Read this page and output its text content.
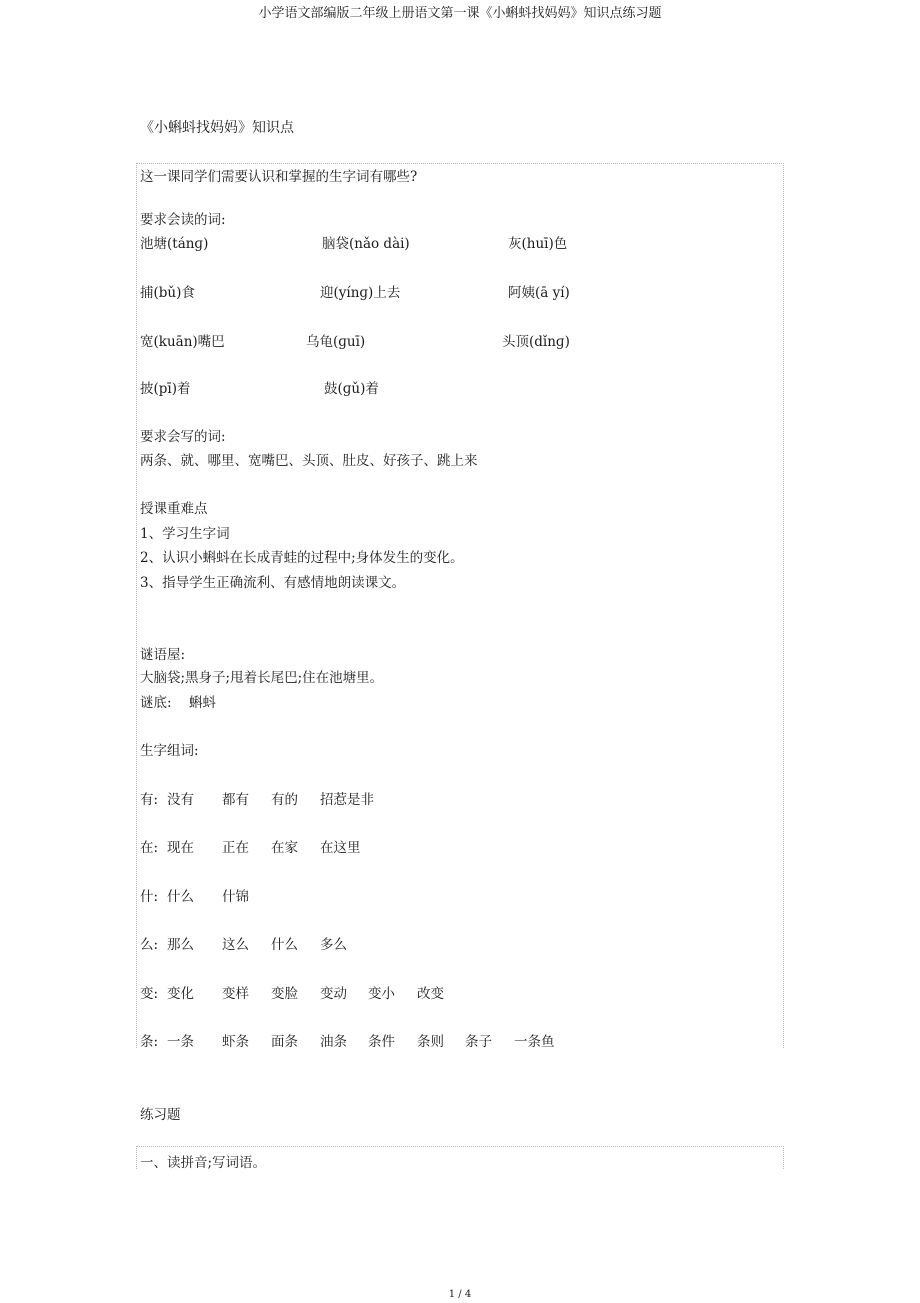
小学语文部编版二年级上册语文第一课《小蝌蚪找妈妈》知识点练习题
《小蝌蚪找妈妈》知识点
这一课同学们需要认识和掌握的生字词有哪些?
要求会读的词:
池塘(tánɡ)	脑袋(nǎo dài)	灰(huī)色
捕(bǔ)食	迎(yínɡ)上去	阿姨(ā yí)
宽(kuān)嘴巴	乌龟(ɡuī)	头顶(dǐnɡ)
披(pī)着	鼓(ɡǔ)着
要求会写的词:
两条、就、哪里、宽嘴巴、头顶、肚皮、好孩子、跳上来
授课重难点
1、学习生字词
2、认识小蝌蚪在长成青蛙的过程中;身体发生的变化。
3、指导学生正确流利、有感情地朗读课文。
谜语屋:
大脑袋;黑身子;甩着长尾巴;住在池塘里。
谜底: 蝌蚪
生字组词:
有: 没有 都有 有的 招惹是非
在: 现在 正在 在家 在这里
什: 什么 什锦
么: 那么 这么 什么 多么
变: 变化 变样 变脸 变动 变小 改变
条: 一条 虾条 面条 油条 条件 条则 条子 一条鱼
练习题
一、读拼音;写词语。
1 / 4
